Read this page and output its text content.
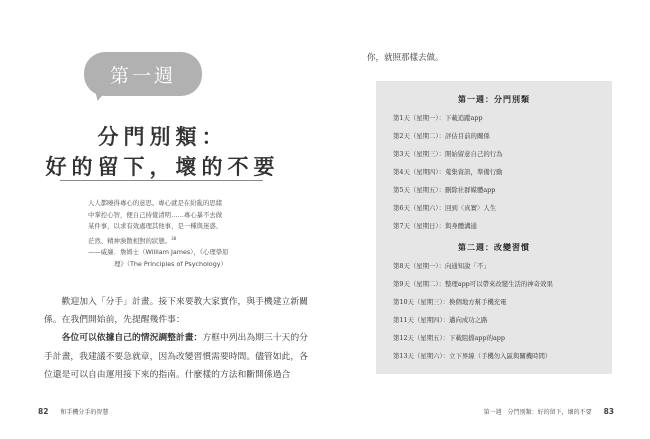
第一週
分門別類：
好的留下，壞的不要

人人都曉得專心的意思。專心就是在紛亂的思緒

中掌控心智，便自己持覺清明……專心暴不去做

某件事，以求有效處理其他事，是一種與迷惑、

茫然、精神渙散相對的狀態。$^{38}$

——威廉．詹姆士（William James），《心理學原

理》（The Principles of Psychology）

歡迎加入「分手」計畫。接下來要教大家實作，與手機建立新關係。在我們開始前，先提醒幾件事：

各位可以依據自己的情況調整計畫：方框中列出為期三十天的分手計畫，我建議不要急就章，因為改變習慣需要時間。儘管如此，各位還是可以自由運用接下來的指南。什麼樣的方法和斷開係過合

82 和手機分手的智慧
你，就照那樣去做。
第一週：分門別類
第1天（星期一）：下載追蹤app
第2天（星期二）：評估目前的關係
第3天（星期三）：開始留意自己的行為
第4天（星期四）：蒐集資訊，準備行動
第5天（星期五）：刪除社群媒體app
第6天（星期六）：回到〈真實〉人生
第7天（星期日）：與身體溝通
第二週：改變習慣
第8天（星期一）：向通知說「不」
第9天（星期二）：整理app可以帶來改變生活的神奇效果
第10天（星期三）：換個地方幫手機充電
第11天（星期四）：邁向成功之路
第12天（星期五）：下載阻擋app的app
第13天（星期六）：立下界線（手機勿入區與關機時間）
第一週　分門別類：好的留下，壞的不要 83
